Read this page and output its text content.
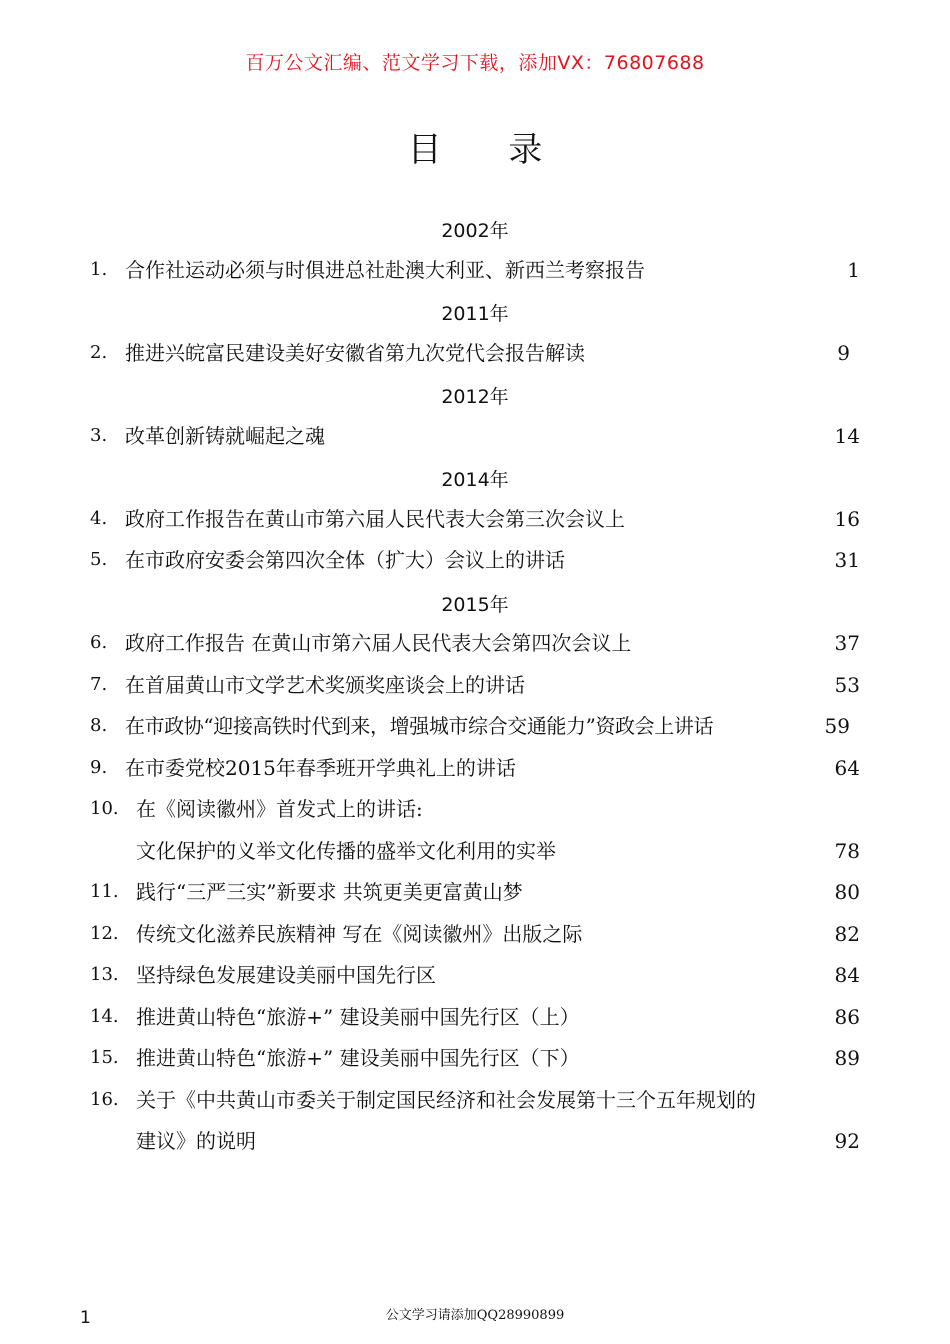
百万公文汇编、范文学习下载，添加VX：76807688
目 录
2002年
1. 合作社运动必须与时俱进总社赴澳大利亚、新西兰考察报告	1
2011年
2. 推进兴皖富民建设美好安徽省第九次党代会报告解读	9
2012年
3. 改革创新铸就崛起之魂	14
2014年
4. 政府工作报告在黄山市第六届人民代表大会第三次会议上	16
5. 在市政府安委会第四次全体（扩大）会议上的讲话	31
2015年
6. 政府工作报告 在黄山市第六届人民代表大会第四次会议上	37
7. 在首届黄山市文学艺术奖颁奖座谈会上的讲话	53
8. 在市政协“迎接高铁时代到来，增强城市综合交通能力”资政会上讲话	59
9. 在市委党校2015年春季班开学典礼上的讲话	64
10. 在《阅读徽州》首发式上的讲话:
文化保护的义举文化传播的盛举文化利用的实举	78
11. 践行“三严三实”新要求 共筑更美更富黄山梦	80
12. 传统文化滋养民族精神 写在《阅读徽州》出版之际	82
13. 坚持绿色发展建设美丽中国先行区	84
14. 推进黄山特色“旅游+” 建设美丽中国先行区（上）	86
15. 推进黄山特色“旅游+” 建设美丽中国先行区（下）	89
16. 关于《中共黄山市委关于制定国民经济和社会发展第十三个五年规划的
建议》的说明	92
1	公文学习请添加QQ28990899
